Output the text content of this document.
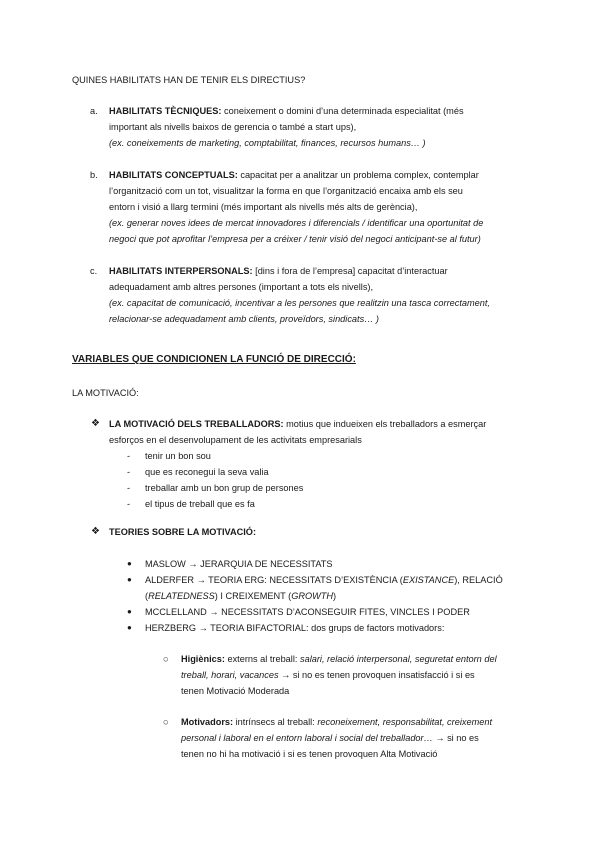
QUINES HABILITATS HAN DE TENIR ELS DIRECTIUS?
a. HABILITATS TÈCNIQUES: coneixement o domini d’una determinada especialitat (més
important als nivells baixos de gerencia o també a start ups),
(ex. coneixements de marketing, comptabilitat, finances, recursos humans… )
b. HABILITATS CONCEPTUALS: capacitat per a analitzar un problema complex, contemplar
l’organització com un tot, visualitzar la forma en que l’organització encaixa amb els seu
entorn i visió a llarg termini (més important als nivells més alts de gerència),
(ex. generar noves idees de mercat innovadores i diferencials / identificar una oportunitat de
negoci que pot aprofitar l’empresa per a créixer / tenir visió del negoci anticipant-se al futur)
c. HABILITATS INTERPERSONALS: [dins i fora de l’empresa] capacitat d’interactuar
adequadament amb altres persones (important a tots els nivells),
(ex. capacitat de comunicació, incentivar a les persones que realitzin una tasca correctament,
relacionar-se adequadament amb clients, proveïdors, sindicats… )
VARIABLES QUE CONDICIONEN LA FUNCIÓ DE DIRECCIÓ:
LA MOTIVACIÓ:
❖ LA MOTIVACIÓ DELS TREBALLADORS: motius que indueixen els treballadors a esmerçar
esforços en el desenvolupament de les activitats empresarials
- tenir un bon sou
- que es reconegui la seva valia
- treballar amb un bon grup de persones
- el tipus de treball que es fa
❖ TEORIES SOBRE LA MOTIVACIÓ:
● MASLOW → JERARQUIA DE NECESSITATS
● ALDERFER → TEORIA ERG: NECESSITATS D’EXISTÈNCIA (EXISTANCE), RELACIÓ
(RELATEDNESS) I CREIXEMENT (GROWTH)
● MCCLELLAND → NECESSITATS D’ACONSEGUIR FITES, VINCLES I PODER
● HERZBERG → TEORIA BIFACTORIAL: dos grups de factors motivadors:
○ Higiènics: externs al treball: salari, relació interpersonal, seguretat entorn del
treball, horari, vacances → si no es tenen provoquen insatisfacció i si es
tenen Motivació Moderada
○ Motivadors: intrínsecs al treball: reconeixement, responsabilitat, creixement
personal i laboral en el entorn laboral i social del treballador… → si no es
tenen no hi ha motivació i si es tenen provoquen Alta Motivació
